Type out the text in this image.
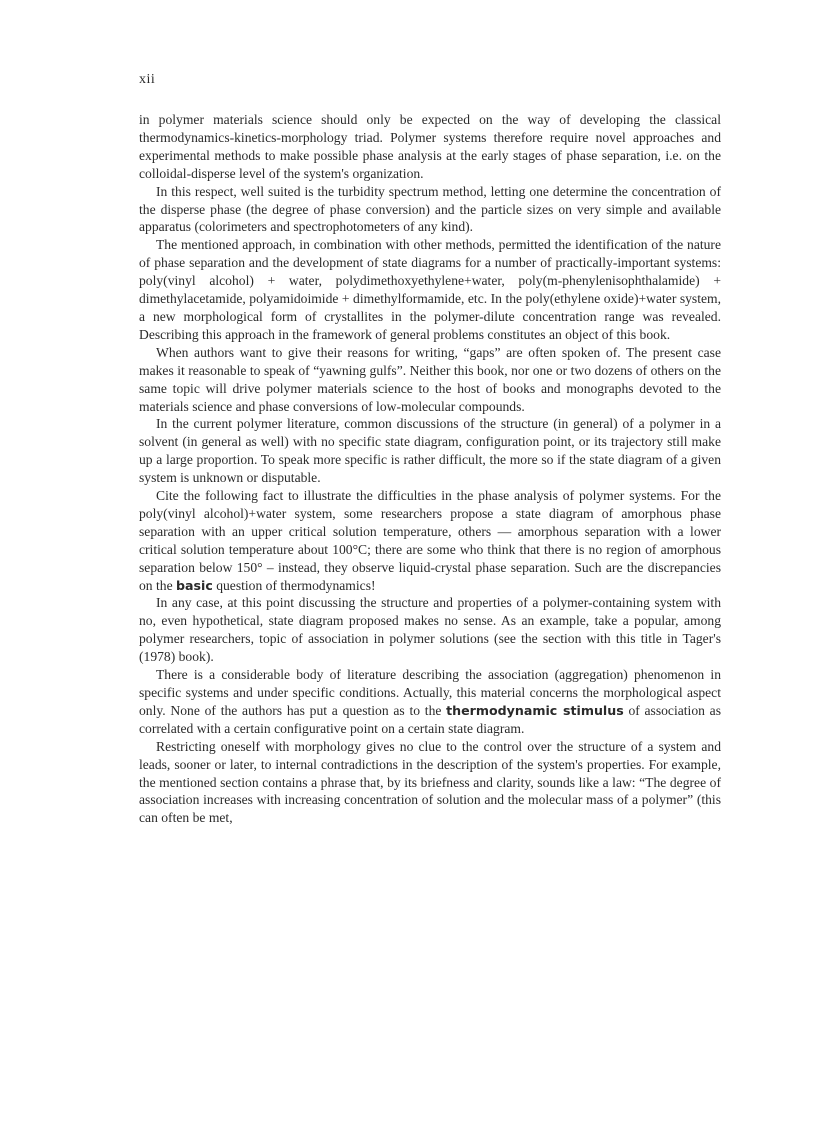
xii

in polymer materials science should only be expected on the way of developing the classical thermodynamics-kinetics-morphology triad. Polymer systems therefore require novel approaches and experimental methods to make possible phase analysis at the early stages of phase separation, i.e. on the colloidal-disperse level of the system's organization.

In this respect, well suited is the turbidity spectrum method, letting one determine the concentration of the disperse phase (the degree of phase conversion) and the particle sizes on very simple and available apparatus (colorimeters and spectrophotometers of any kind).

The mentioned approach, in combination with other methods, permitted the identification of the nature of phase separation and the development of state diagrams for a number of practically-important systems: poly(vinyl alcohol) + water, polydimethoxyethylene+water, poly(m-phenylenisophthalamide) + dimethylacetamide, polyamidoimide + dimethylformamide, etc. In the poly(ethylene oxide)+water system, a new morphological form of crystallites in the polymer-dilute concentration range was revealed. Describing this approach in the framework of general problems constitutes an object of this book.

When authors want to give their reasons for writing, “gaps” are often spoken of. The present case makes it reasonable to speak of “yawning gulfs”. Neither this book, nor one or two dozens of others on the same topic will drive polymer materials science to the host of books and monographs devoted to the materials science and phase conversions of low-molecular compounds.

In the current polymer literature, common discussions of the structure (in general) of a polymer in a solvent (in general as well) with no specific state diagram, configuration point, or its trajectory still make up a large proportion. To speak more specific is rather difficult, the more so if the state diagram of a given system is unknown or disputable.

Cite the following fact to illustrate the difficulties in the phase analysis of polymer systems. For the poly(vinyl alcohol)+water system, some researchers propose a state diagram of amorphous phase separation with an upper critical solution temperature, others — amorphous separation with a lower critical solution temperature about 100°C; there are some who think that there is no region of amorphous separation below 150° – instead, they observe liquid-crystal phase separation. Such are the discrepancies on the basic question of thermodynamics!

In any case, at this point discussing the structure and properties of a polymer-containing system with no, even hypothetical, state diagram proposed makes no sense. As an example, take a popular, among polymer researchers, topic of association in polymer solutions (see the section with this title in Tager's (1978) book).

There is a considerable body of literature describing the association (aggregation) phenomenon in specific systems and under specific conditions. Actually, this material concerns the morphological aspect only. None of the authors has put a question as to the thermodynamic stimulus of association as correlated with a certain configurative point on a certain state diagram.

Restricting oneself with morphology gives no clue to the control over the structure of a system and leads, sooner or later, to internal contradictions in the description of the system's properties. For example, the mentioned section contains a phrase that, by its briefness and clarity, sounds like a law: “The degree of association increases with increasing concentration of solution and the molecular mass of a polymer” (this can often be met,
